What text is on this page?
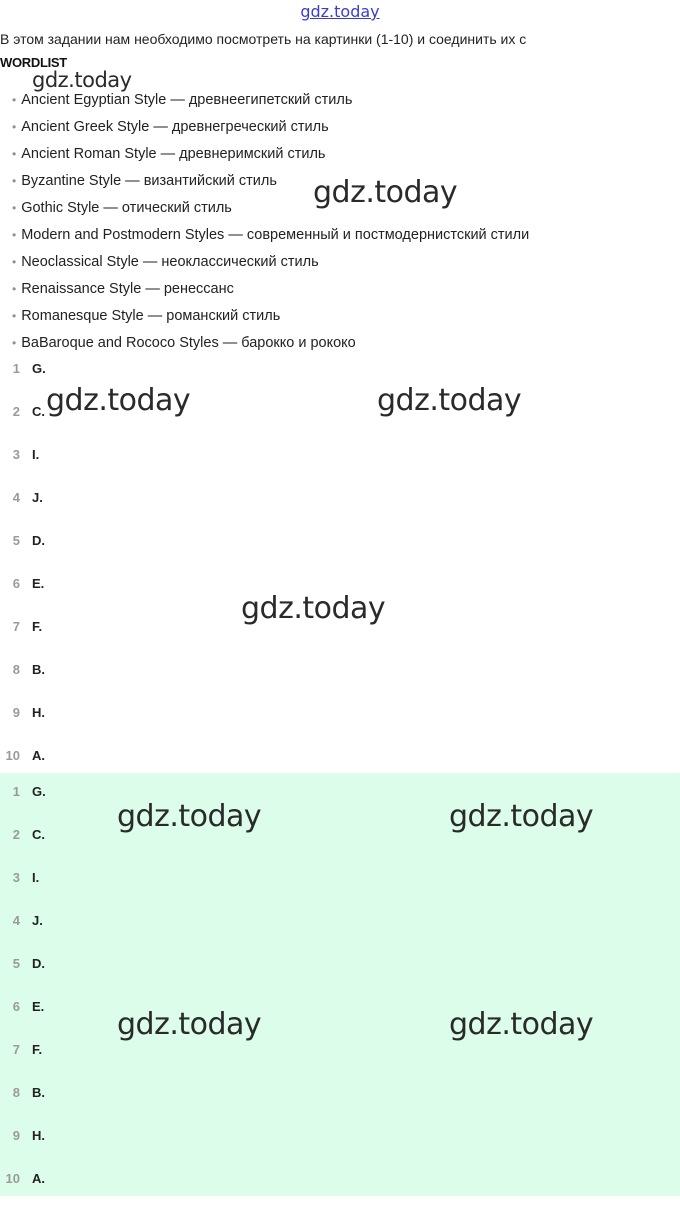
gdz.today
В этом задании нам необходимо посмотреть на картинки (1-10) и соединить их с
WORDLIST
• Ancient Egyptian Style — древнеегипетский стиль
• Ancient Greek Style — древнегреческий стиль
• Ancient Roman Style — древнеримский стиль
• Byzantine Style — византийский стиль
• Gothic Style — отический стиль
• Modern and Postmodern Styles — современный и постмодернистский стили
• Neoclassical Style — неоклассический стиль
• Renaissance Style — ренессанс
• Romanesque Style — романский стиль
• BaBaroque and Rococo Styles — барокко и рококо
1 G.
2 C.
3 I.
4 J.
5 D.
6 E.
7 F.
8 B.
9 H.
10 A.
1 G.
2 C.
3 I.
4 J.
5 D.
6 E.
7 F.
8 B.
9 H.
10 A.
gdz.today
gdz.today
gdz.today	gdz.today
gdz.today
gdz.today	gdz.today
gdz.today	gdz.today
